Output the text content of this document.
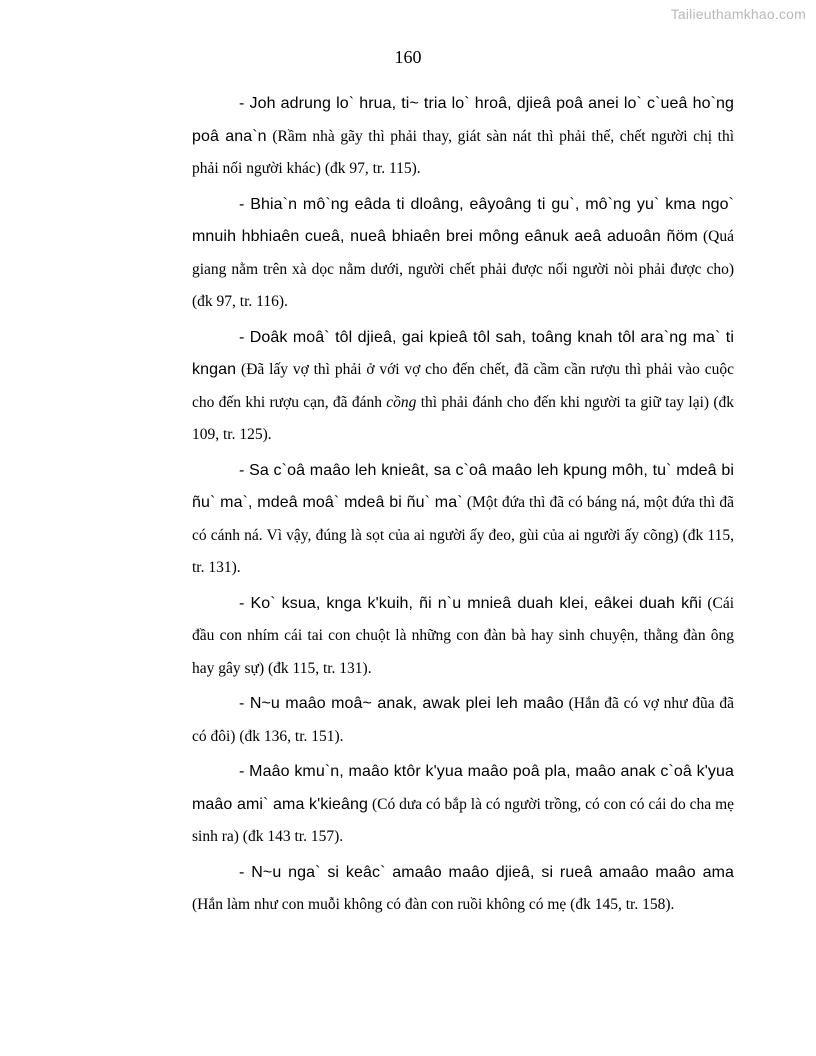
Tailieuthamkhao.com
160

- Joh adrung lo` hrua, ti~ tria lo` hroâ, djieâ poâ anei lo` c`ueâ ho`ng poâ ana`n (Rầm nhà gãy thì phải thay, giát sàn nát thì phải thế, chết người chị thì phải nối người khác) (đk 97, tr. 115).

- Bhia`n mô`ng eâda ti dloâng, eâyoâng ti gu`, mô`ng yu` kma ngo` mnuih hbhiaên cueâ, nueâ bhiaên brei mông eânuk aeâ aduoân ñöm (Quá giang nằm trên xà dọc nằm dưới, người chết phải được nối người nòi phải được cho) (đk 97, tr. 116).

- Doâk moâ` tôl djieâ, gai kpieâ tôl sah, toâng knah tôl ara`ng ma` ti kngan (Đã lấy vợ thì phải ở với vợ cho đến chết, đã cầm cần rượu thì phải vào cuộc cho đến khi rượu cạn, đã đánh cồng thì phải đánh cho đến khi người ta giữ tay lại) (đk 109, tr. 125).

- Sa c`oâ maâo leh knieât, sa c`oâ maâo leh kpung môh, tu` mdeâ bi ñu` ma`, mdeâ moâ` mdeâ bi ñu` ma` (Một đứa thì đã có báng ná, một đứa thì đã có cánh ná. Vì vậy, đúng là sọt của ai người ấy đeo, gùi của ai người ấy cõng) (đk 115, tr. 131).

- Ko` ksua, knga k'kuih, ñi n`u mnieâ duah klei, eâkei duah kñi (Cái đầu con nhím cái tai con chuột là những con đàn bà hay sinh chuyện, thằng đàn ông hay gây sự) (đk 115, tr. 131).

- N~u maâo moâ~ anak, awak plei leh maâo (Hắn đã có vợ như đũa đã có đôi) (đk 136, tr. 151).

- Maâo kmu`n, maâo ktôr k'yua maâo poâ pla, maâo anak c`oâ k'yua maâo ami` ama k'kieâng (Có dưa có bắp là có người trồng, có con có cái do cha mẹ sinh ra) (đk 143 tr. 157).

- N~u nga` si keâc` amaâo maâo djieâ, si rueâ amaâo maâo ama (Hắn làm như con muỗi không có đàn con ruồi không có mẹ (đk 145, tr. 158).
